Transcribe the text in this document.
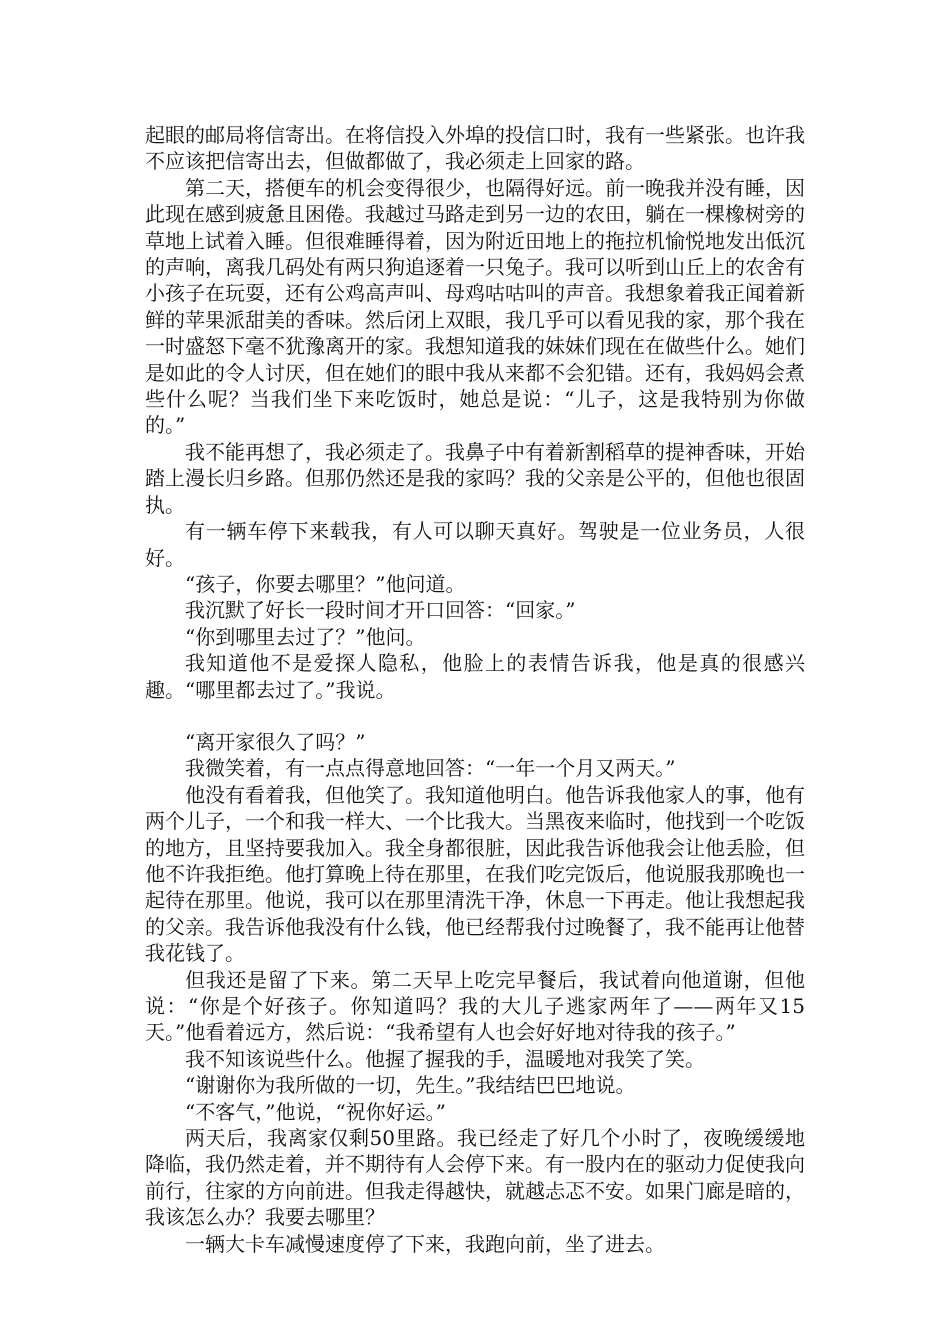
起眼的邮局将信寄出。在将信投入外埠的投信口时，我有一些紧张。也许我不应该把信寄出去，但做都做了，我必须走上回家的路。

第二天，搭便车的机会变得很少，也隔得好远。前一晚我并没有睡，因此现在感到疲惫且困倦。我越过马路走到另一边的农田，躺在一棵橡树旁的草地上试着入睡。但很难睡得着，因为附近田地上的拖拉机愉悦地发出低沉的声响，离我几码处有两只狗追逐着一只兔子。我可以听到山丘上的农舍有小孩子在玩耍，还有公鸡高声叫、母鸡咕咕叫的声音。我想象着我正闻着新鲜的苹果派甜美的香味。然后闭上双眼，我几乎可以看见我的家，那个我在一时盛怒下毫不犹豫离开的家。我想知道我的妹妹们现在在做些什么。她们是如此的令人讨厌，但在她们的眼中我从来都不会犯错。还有，我妈妈会煮些什么呢？当我们坐下来吃饭时，她总是说：“儿子，这是我特别为你做的。”

我不能再想了，我必须走了。我鼻子中有着新割稻草的提神香味，开始踏上漫长归乡路。但那仍然还是我的家吗？我的父亲是公平的，但他也很固执。

有一辆车停下来载我，有人可以聊天真好。驾驶是一位业务员，人很好。

“孩子，你要去哪里？”他问道。

我沉默了好长一段时间才开口回答：“回家。”

“你到哪里去过了？”他问。

我知道他不是爱探人隐私，他脸上的表情告诉我，他是真的很感兴趣。“哪里都去过了。”我说。

“离开家很久了吗？”

我微笑着，有一点点得意地回答：“一年一个月又两天。”

他没有看着我，但他笑了。我知道他明白。他告诉我他家人的事，他有两个儿子，一个和我一样大、一个比我大。当黑夜来临时，他找到一个吃饭的地方，且坚持要我加入。我全身都很脏，因此我告诉他我会让他丢脸，但他不许我拒绝。他打算晚上待在那里，在我们吃完饭后，他说服我那晚也一起待在那里。他说，我可以在那里清洗干净，休息一下再走。他让我想起我的父亲。我告诉他我没有什么钱，他已经帮我付过晚餐了，我不能再让他替我花钱了。

但我还是留了下来。第二天早上吃完早餐后，我试着向他道谢，但他说：“你是个好孩子。你知道吗？我的大儿子逃家两年了——两年又15天。”他看着远方，然后说：“我希望有人也会好好地对待我的孩子。”

我不知该说些什么。他握了握我的手，温暖地对我笑了笑。

“谢谢你为我所做的一切，先生。”我结结巴巴地说。

“不客气，”他说，“祝你好运。”

两天后，我离家仅剩50里路。我已经走了好几个小时了，夜晚缓缓地降临，我仍然走着，并不期待有人会停下来。有一股内在的驱动力促使我向前行，往家的方向前进。但我走得越快，就越忐忑不安。如果门廊是暗的，我该怎么办？我要去哪里？

一辆大卡车减慢速度停了下来，我跑向前，坐了进去。
